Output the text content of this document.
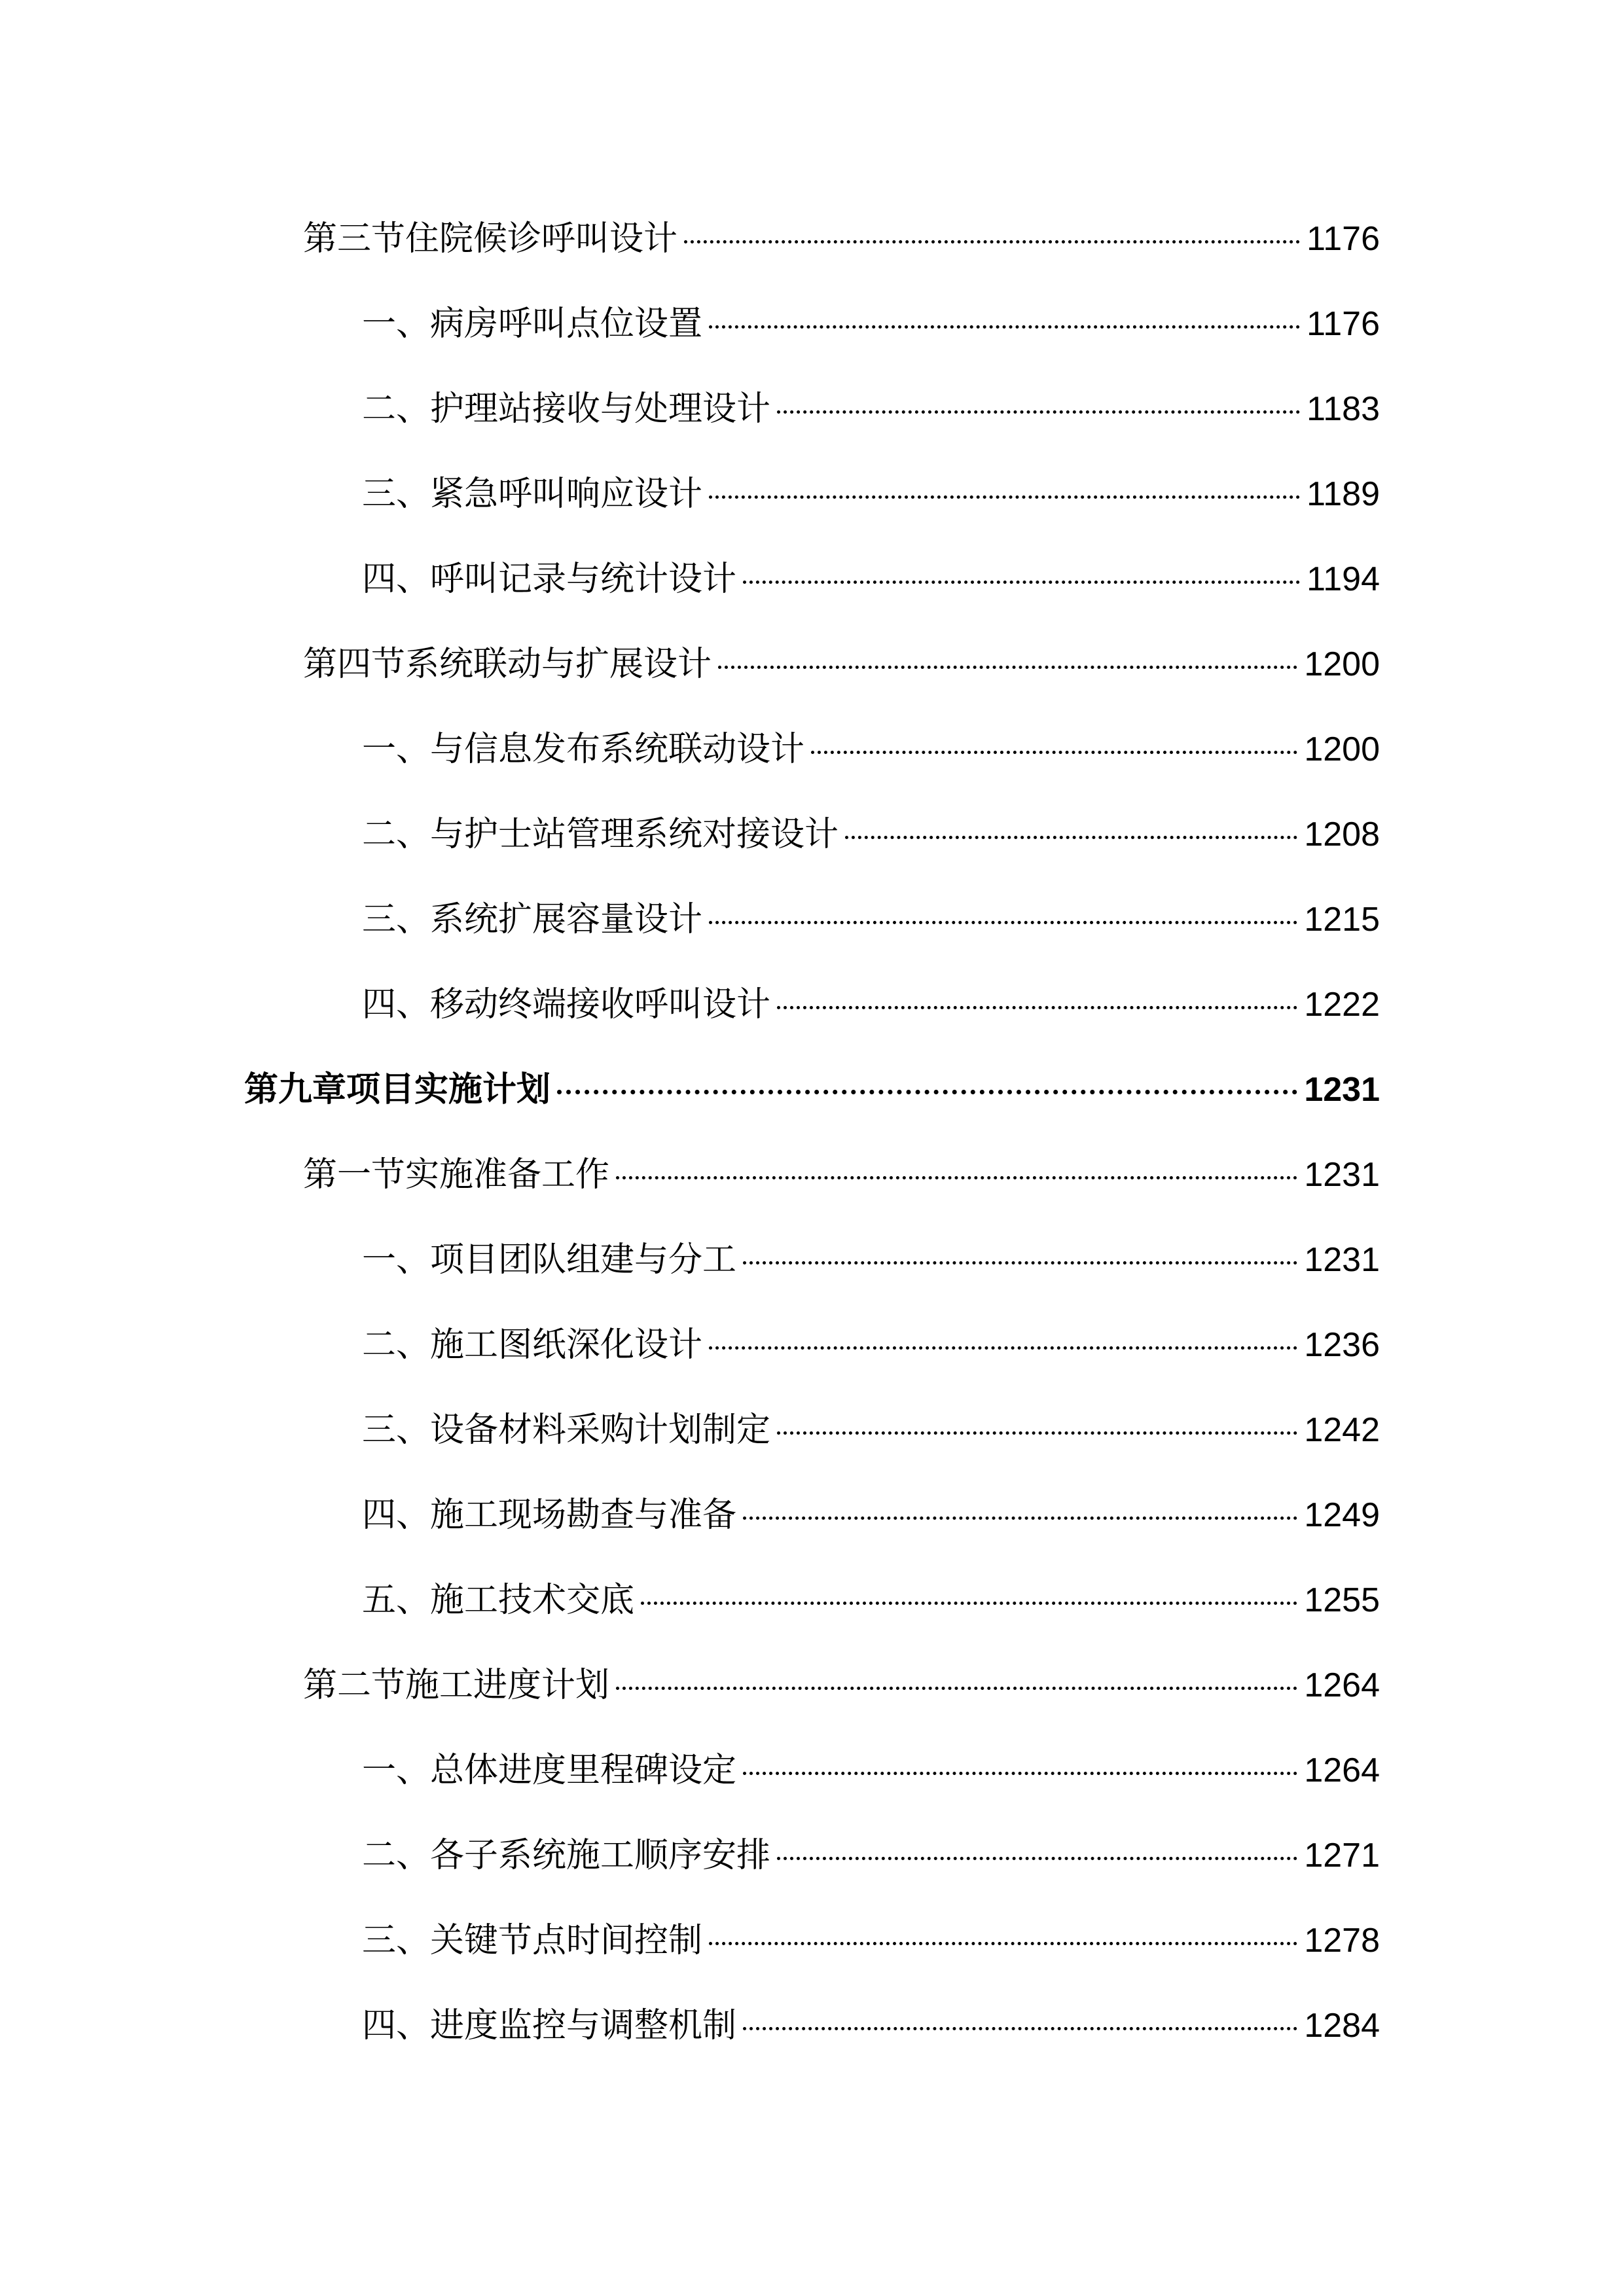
第三节住院候诊呼叫设计	1176
一、病房呼叫点位设置	1176
二、护理站接收与处理设计	1183
三、紧急呼叫响应设计	1189
四、呼叫记录与统计设计	1194
第四节系统联动与扩展设计	1200
一、与信息发布系统联动设计	1200
二、与护士站管理系统对接设计	1208
三、系统扩展容量设计	1215
四、移动终端接收呼叫设计	1222
第九章项目实施计划	1231
第一节实施准备工作	1231
一、项目团队组建与分工	1231
二、施工图纸深化设计	1236
三、设备材料采购计划制定	1242
四、施工现场勘查与准备	1249
五、施工技术交底	1255
第二节施工进度计划	1264
一、总体进度里程碑设定	1264
二、各子系统施工顺序安排	1271
三、关键节点时间控制	1278
四、进度监控与调整机制	1284
